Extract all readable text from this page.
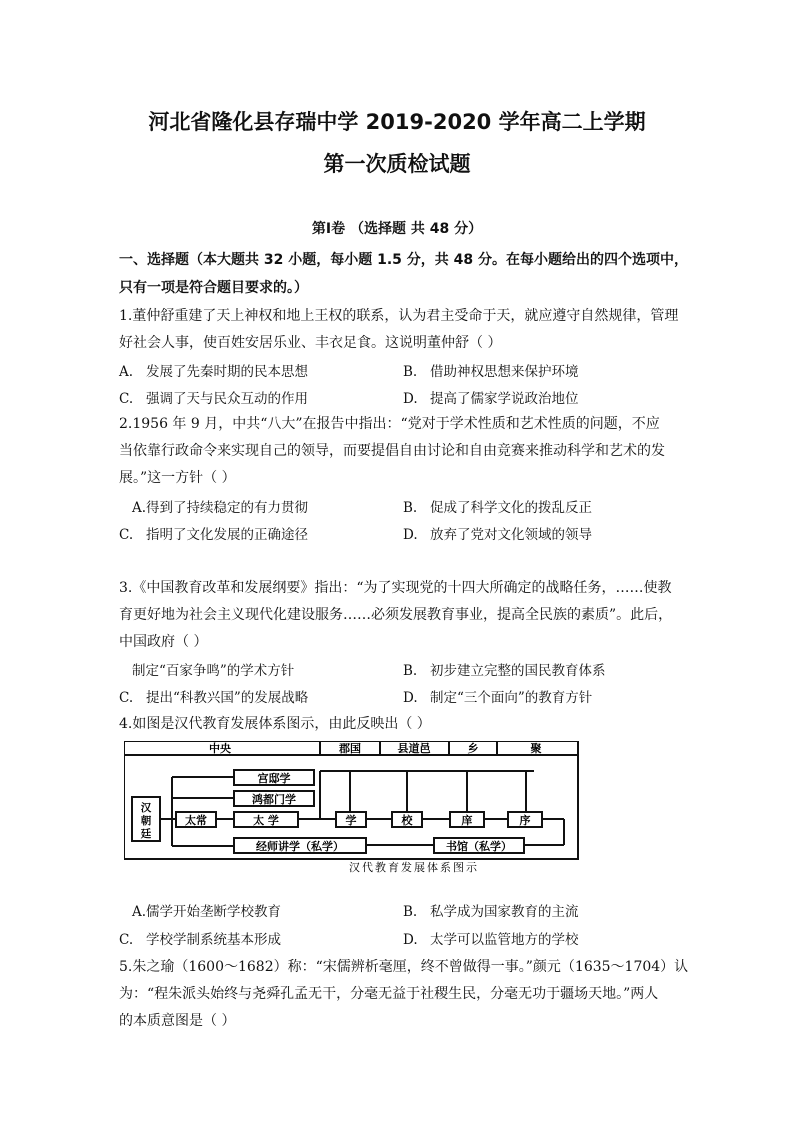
河北省隆化县存瑞中学 2019-2020 学年高二上学期
第一次质检试题
第Ⅰ卷 （选择题 共 48 分）
一、选择题（本大题共 32 小题，每小题 1.5 分，共 48 分。在每小题给出的四个选项中，
只有一项是符合题目要求的。）
1.董仲舒重建了天上神权和地上王权的联系，认为君主受命于天，就应遵守自然规律，管理
好社会人事，使百姓安居乐业、丰衣足食。这说明董仲舒（ ）
A. 发展了先秦时期的民本思想	B. 借助神权思想来保护环境
C. 强调了天与民众互动的作用	D. 提高了儒家学说政治地位
2.1956 年 9 月，中共“八大”在报告中指出：“党对于学术性质和艺术性质的问题，不应
当依靠行政命令来实现自己的领导，而要提倡自由讨论和自由竞赛来推动科学和艺术的发
展。”这一方针（ ）
A.得到了持续稳定的有力贯彻	B. 促成了科学文化的拨乱反正
C. 指明了文化发展的正确途径	D. 放弃了党对文化领域的领导
3.《中国教育改革和发展纲要》指出：“为了实现党的十四大所确定的战略任务，……使教
育更好地为社会主义现代化建设服务……必须发展教育事业，提高全民族的素质”。此后，
中国政府（ ）
制定“百家争鸣”的学术方针	B. 初步建立完整的国民教育体系
C. 提出“科教兴国”的发展战略	D. 制定“三个面向”的教育方针
4.如图是汉代教育发展体系图示，由此反映出（ ）
中央	郡国	县道邑	乡	聚
汉
朝
廷
宫邸学
鸿都门学
太常	太 学	学	校	庠	序
经师讲学（私学）	书馆（私学）
汉代教育发展体系图示
A.儒学开始垄断学校教育	B. 私学成为国家教育的主流
C. 学校学制系统基本形成	D. 太学可以监管地方的学校
5.朱之瑜（1600～1682）称：“宋儒辨析毫厘，终不曾做得一事。”颜元（1635～1704）认
为：“程朱派头始终与尧舜孔孟无干，分毫无益于社稷生民，分毫无功于疆场天地。”两人
的本质意图是（ ）
